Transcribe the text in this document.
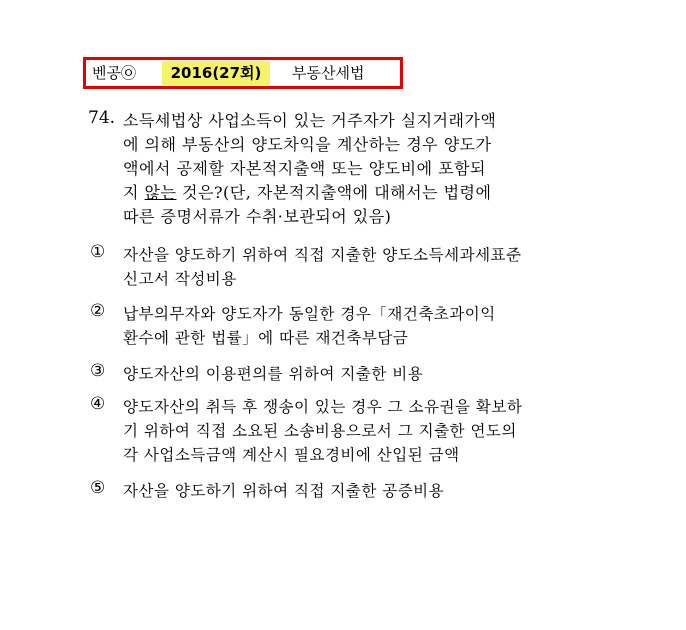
벤공㉧	2016(27회)	부동산세법
74. 소득세법상 사업소득이 있는 거주자가 실지거래가액
에 의해 부동산의 양도차익을 계산하는 경우 양도가
액에서 공제할 자본적지출액 또는 양도비에 포함되
지 않는 것은?(단, 자본적지출액에 대해서는 법령에
따른 증명서류가 수취·보관되어 있음)
① 자산을 양도하기 위하여 직접 지출한 양도소득세과세표준
신고서 작성비용
② 납부의무자와 양도자가 동일한 경우「재건축초과이익
환수에 관한 법률」에 따른 재건축부담금
③ 양도자산의 이용편의를 위하여 지출한 비용
④ 양도자산의 취득 후 쟁송이 있는 경우 그 소유권을 확보하
기 위하여 직접 소요된 소송비용으로서 그 지출한 연도의
각 사업소득금액 계산시 필요경비에 산입된 금액
⑤ 자산을 양도하기 위하여 직접 지출한 공증비용
